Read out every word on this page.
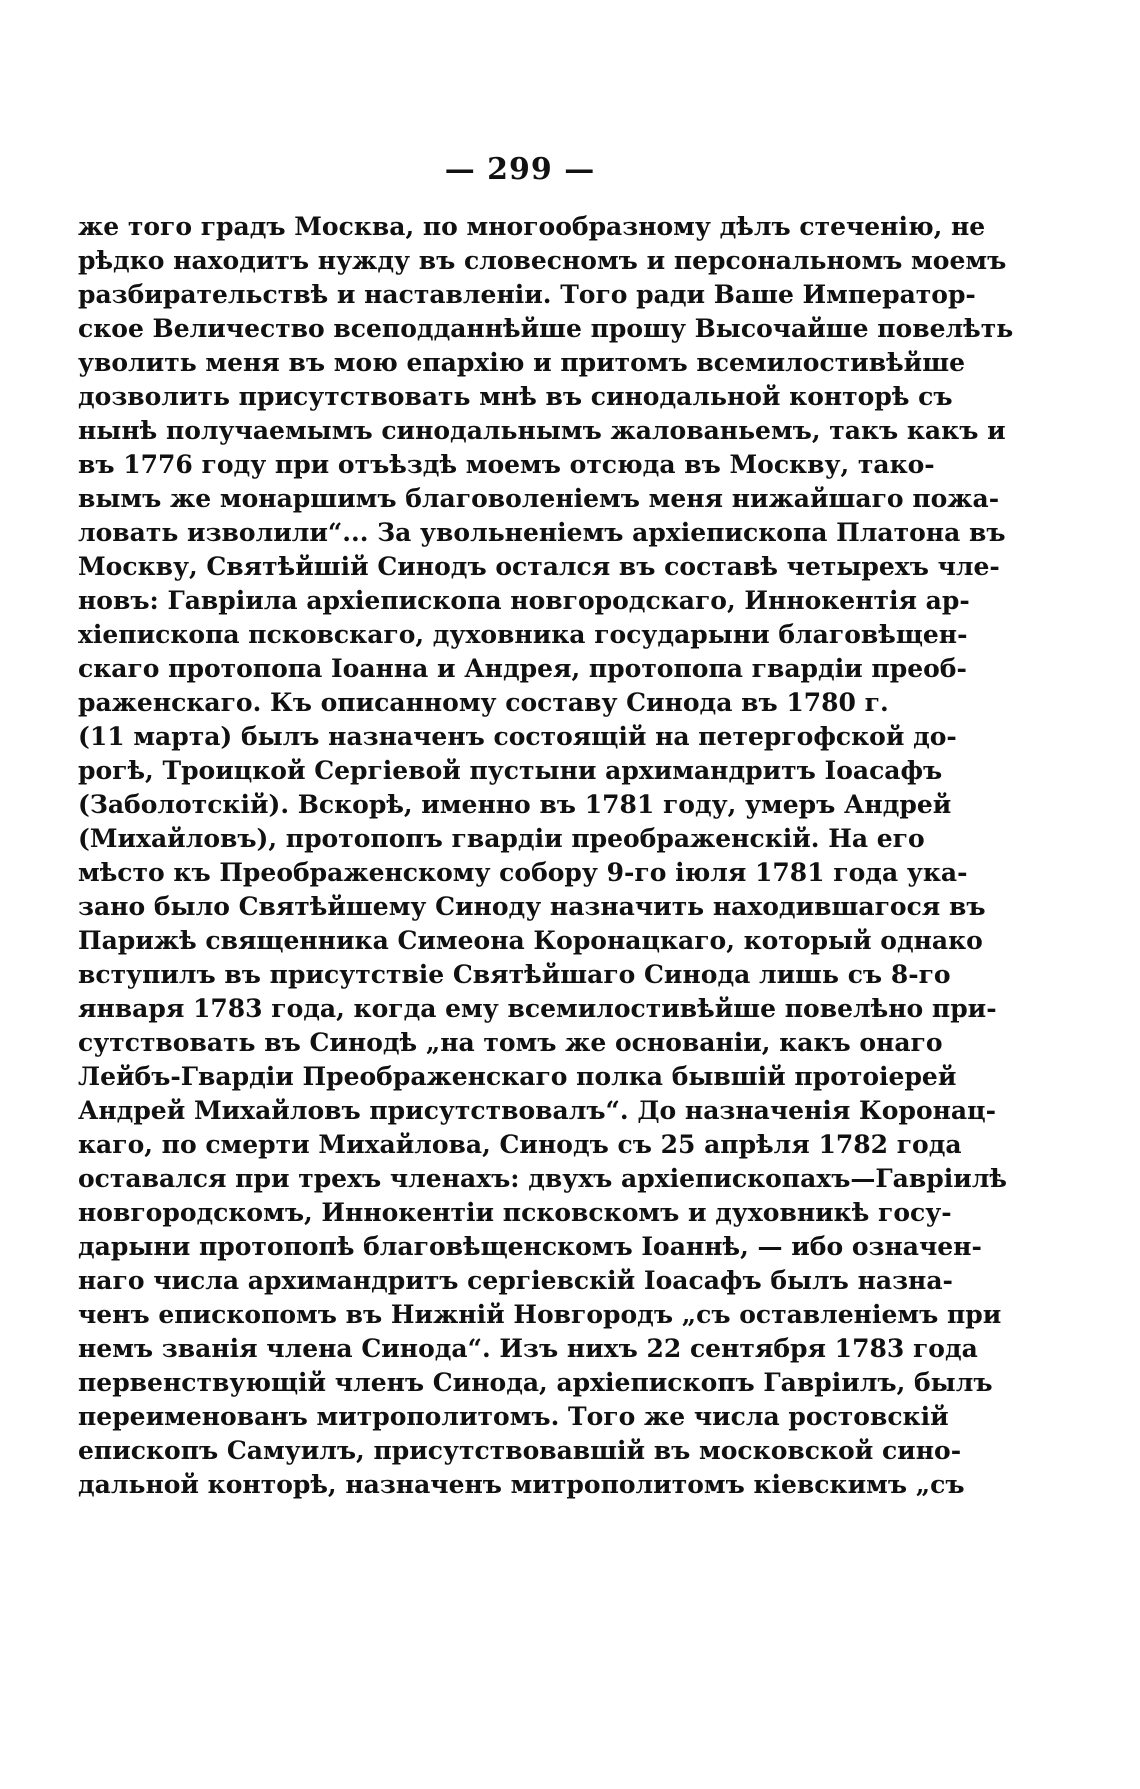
— 299 —
же того градъ Москва, по многообразному дѣлъ стеченію, не
рѣдко находитъ нужду въ словесномъ и персональномъ моемъ
разбирательствѣ и наставленіи. Того ради Ваше Император-
ское Величество всеподданнѣйше прошу Высочайше повелѣть
уволить меня въ мою епархію и притомъ всемилостивѣйше
дозволить присутствовать мнѣ въ синодальной конторѣ съ
нынѣ получаемымъ синодальнымъ жалованьемъ, такъ какъ и
въ 1776 году при отъѣздѣ моемъ отсюда въ Москву, тако-
вымъ же монаршимъ благоволеніемъ меня нижайшаго пожа-
ловать изволили“... За увольненіемъ архіепископа Платона въ
Москву, Святѣйшій Синодъ остался въ составѣ четырехъ чле-
новъ: Гавріила архіепископа новгородскаго, Иннокентія ар-
хіепископа псковскаго, духовника государыни благовѣщен-
скаго протопопа Іоанна и Андрея, протопопа гвардіи преоб-
раженскаго. Къ описанному составу Синода въ 1780 г.
(11 марта) былъ назначенъ состоящій на петергофской до-
рогѣ, Троицкой Сергіевой пустыни архимандритъ Іоасафъ
(Заболотскій). Вскорѣ, именно въ 1781 году, умеръ Андрей
(Михайловъ), протопопъ гвардіи преображенскій. На его
мѣсто къ Преображенскому собору 9-го іюля 1781 года ука-
зано было Святѣйшему Синоду назначить находившагося въ
Парижѣ священника Симеона Коронацкаго, который однако
вступилъ въ присутствіе Святѣйшаго Синода лишь съ 8-го
января 1783 года, когда ему всемилостивѣйше повелѣно при-
сутствовать въ Синодѣ „на томъ же основаніи, какъ онаго
Лейбъ-Гвардіи Преображенскаго полка бывшій протоіерей
Андрей Михайловъ присутствовалъ“. До назначенія Коронац-
каго, по смерти Михайлова, Синодъ съ 25 апрѣля 1782 года
оставался при трехъ членахъ: двухъ архіепископахъ—Гавріилѣ
новгородскомъ, Иннокентіи псковскомъ и духовникѣ госу-
дарыни протопопѣ благовѣщенскомъ Іоаннѣ, — ибо означен-
наго числа архимандритъ сергіевскій Іоасафъ былъ назна-
ченъ епископомъ въ Нижній Новгородъ „съ оставленіемъ при
немъ званія члена Синода“. Изъ нихъ 22 сентября 1783 года
первенствующій членъ Синода, архіепископъ Гавріилъ, былъ
переименованъ митрополитомъ. Того же числа ростовскій
епископъ Самуилъ, присутствовавшій въ московской сино-
дальной конторѣ, назначенъ митрополитомъ кіевскимъ „съ
